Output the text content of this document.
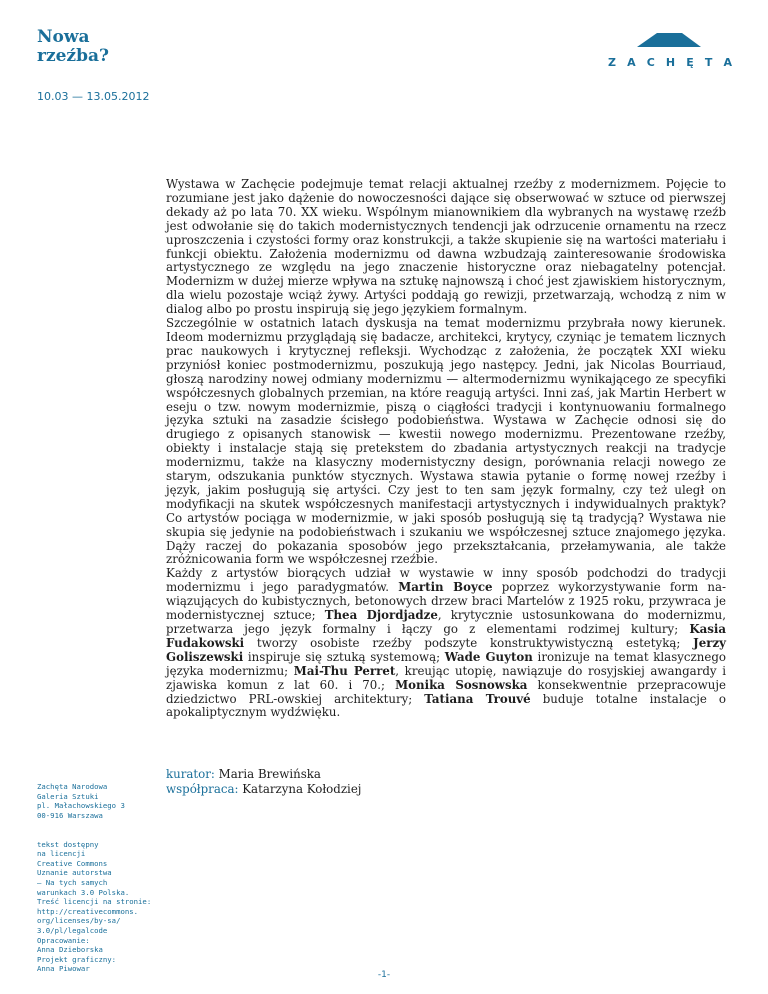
Nowa
rzeźba?
10.03 — 13.05.2012
Z A C H Ę T A

Wystawa w Zachęcie podejmuje temat relacji aktualnej rzeźby z modernizmem. Pojęcie to rozumiane jest jako dążenie do nowoczesności dające się obserwować w sztuce od pierwszej dekady aż po lata 70. XX wieku. Wspólnym mianownikiem dla wybranych na wystawę rzeźb jest odwołanie się do takich modernistycznych tendencji jak odrzucenie ornamentu na rzecz uproszczenia i czystości formy oraz konstrukcji, a także skupienie się na wartości materiału i funkcji obiektu. Założenia modernizmu od dawna wzbudzają zainteresowanie środowiska artystycznego ze względu na jego znaczenie historyczne oraz niebagatelny potencjał. Modernizm w dużej mierze wpływa na sztukę najnowszą i choć jest zjawiskiem historycznym, dla wielu pozostaje wciąż żywy. Artyści poddają go rewizji, przetwarzają, wchodzą z nim w dialog albo po prostu inspirują się jego językiem formalnym.

Szczególnie w ostatnich latach dyskusja na temat modernizmu przybrała nowy kierunek. Ideom modernizmu przyglądają się badacze, architekci, krytycy, czyniąc je tematem licznych prac naukowych i krytycznej refleksji. Wychodząc z założenia, że początek XXI wieku przyniósł koniec postmodernizmu, poszukują jego następcy. Jedni, jak Nicolas Bourriaud, głoszą narodziny nowej odmiany modernizmu — altermodernizmu wynikającego ze specyfiki współczesnych globalnych przemian, na które reagują artyści. Inni zaś, jak Martin Herbert w eseju o tzw. nowym modernizmie, piszą o ciągłości tradycji i kontynuowaniu formalnego języka sztuki na zasadzie ścisłego podobieństwa. Wystawa w Zachęcie odnosi się do drugiego z opisanych stanowisk — kwestii nowego modernizmu. Prezentowane rzeźby, obiekty i instalacje stają się pretekstem do zbadania artystycznych reakcji na tradycje modernizmu, także na klasyczny modernistyczny design, porównania relacji nowego ze starym, odszukania punktów stycznych. Wystawa stawia pytanie o formę nowej rzeźby i język, jakim posługują się artyści. Czy jest to ten sam język formalny, czy też uległ on modyfikacji na skutek współczesnych manifestacji artystycznych i indywidualnych praktyk? Co artystów pociąga w modernizmie, w jaki sposób posługują się tą tradycją? Wystawa nie skupia się jedynie na podobieństwach i szukaniu we współczesnej sztuce znajomego języka. Dąży raczej do pokazania sposobów jego przekształcania, przełamywania, ale także zróżnicowania form we współczesnej rzeźbie.

Każdy z artystów biorących udział w wystawie w inny sposób podchodzi do tradycji modernizmu i jego paradygmatów. Martin Boyce poprzez wykorzystywanie form nawiązujących do kubistycznych, betonowych drzew braci Martelów z 1925 roku, przywraca je modernistycznej sztuce; Thea Djordjadze, krytycznie ustosunkowana do modernizmu, przetwarza jego język formalny i łączy go z elementami rodzimej kultury; Kasia Fudakowski tworzy osobiste rzeźby podszyte konstruktywistyczną estetyką; Jerzy Goliszewski inspiruje się sztuką systemową; Wade Guyton ironizuje na temat klasycznego języka modernizmu; Mai-Thu Perret, kreując utopię, nawiązuje do rosyjskiej awangardy i zjawiska komun z lat 60. i 70.; Monika Sosnowska konsekwentnie przepracowuje dziedzictwo PRL-owskiej architektury; Tatiana Trouvé buduje totalne instalacje o apokaliptycznym wydźwięku.

kurator: Maria Brewińska
współpraca: Katarzyna Kołodziej

Zachęta Narodowa

Galeria Sztuki

pl. Małachowskiego 3

00-916 Warszawa

tekst dostępny

na licencji

Creative Commons

Uznanie autorstwa

– Na tych samych

warunkach 3.0 Polska.

Treść licencji na stronie:

http://creativecommons.

org/licenses/by-sa/

3.0/pl/legalcode

Opracowanie:

Anna Dzieborska

Projekt graficzny:

Anna Piwowar

-1-
